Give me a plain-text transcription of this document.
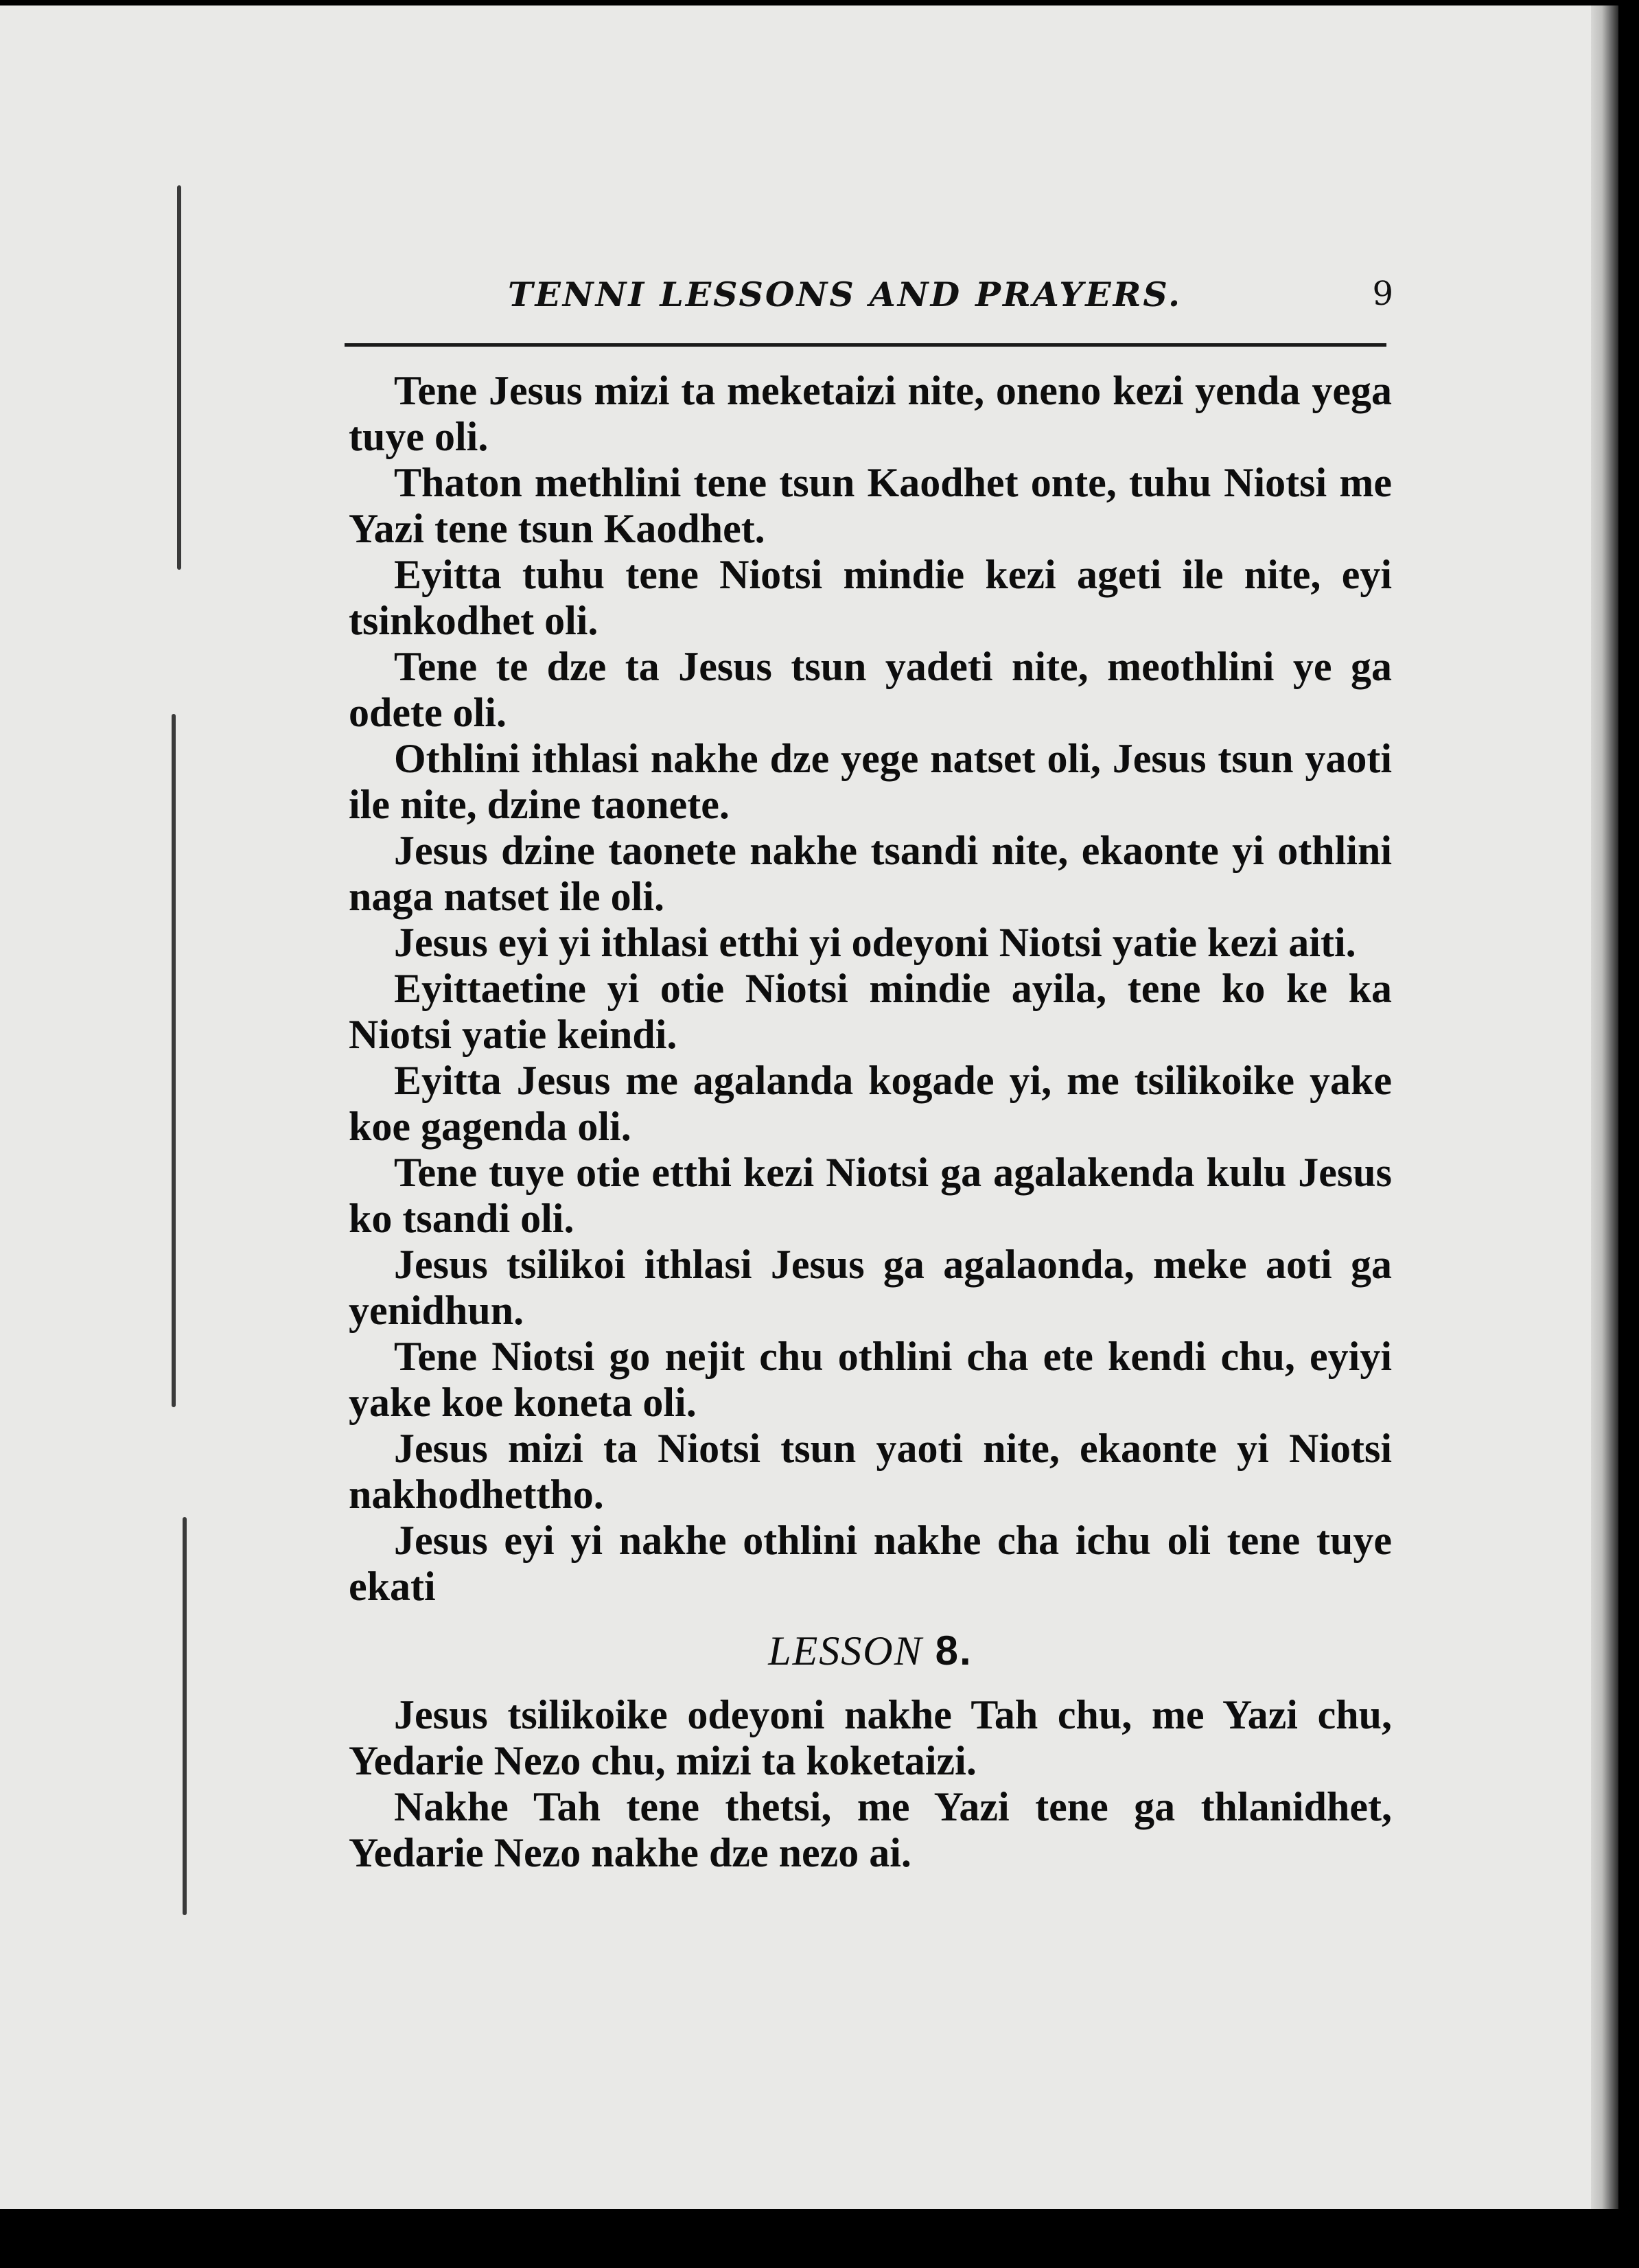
TENNI LESSONS AND PRAYERS.	9

Tene Jesus mizi ta meketaizi nite, oneno kezi yenda yega tuye oli.

Thaton methlini tene tsun Kaodhet onte, tuhu Niotsi me Yazi tene tsun Kaodhet.

Eyitta tuhu tene Niotsi mindie kezi ageti ile nite, eyi tsinkodhet oli.

Tene te dze ta Jesus tsun yadeti nite, meothlini ye ga odete oli.

Othlini ithlasi nakhe dze yege natset oli, Jesus tsun yaoti ile nite, dzine taonete.

Jesus dzine taonete nakhe tsandi nite, ekaonte yi othlini naga natset ile oli.

Jesus eyi yi ithlasi etthi yi odeyoni Niotsi yatie kezi aiti.

Eyittaetine yi otie Niotsi mindie ayila, tene ko ke ka Niotsi yatie keindi.

Eyitta Jesus me agalanda kogade yi, me tsilikoike yake koe gagenda oli.

Tene tuye otie etthi kezi Niotsi ga agalakenda kulu Jesus ko tsandi oli.

Jesus tsilikoi ithlasi Jesus ga agalaonda, meke aoti ga yenidhun.

Tene Niotsi go nejit chu othlini cha ete kendi chu, eyiyi yake koe koneta oli.

Jesus mizi ta Niotsi tsun yaoti nite, ekaonte yi Niotsi nakhodhettho.

Jesus eyi yi nakhe othlini nakhe cha ichu oli tene tuye ekati

LESSON 8.

Jesus tsilikoike odeyoni nakhe Tah chu, me Yazi chu, Yedarie Nezo chu, mizi ta koketaizi.

Nakhe Tah tene thetsi, me Yazi tene ga thlanidhet, Yedarie Nezo nakhe dze nezo ai.
